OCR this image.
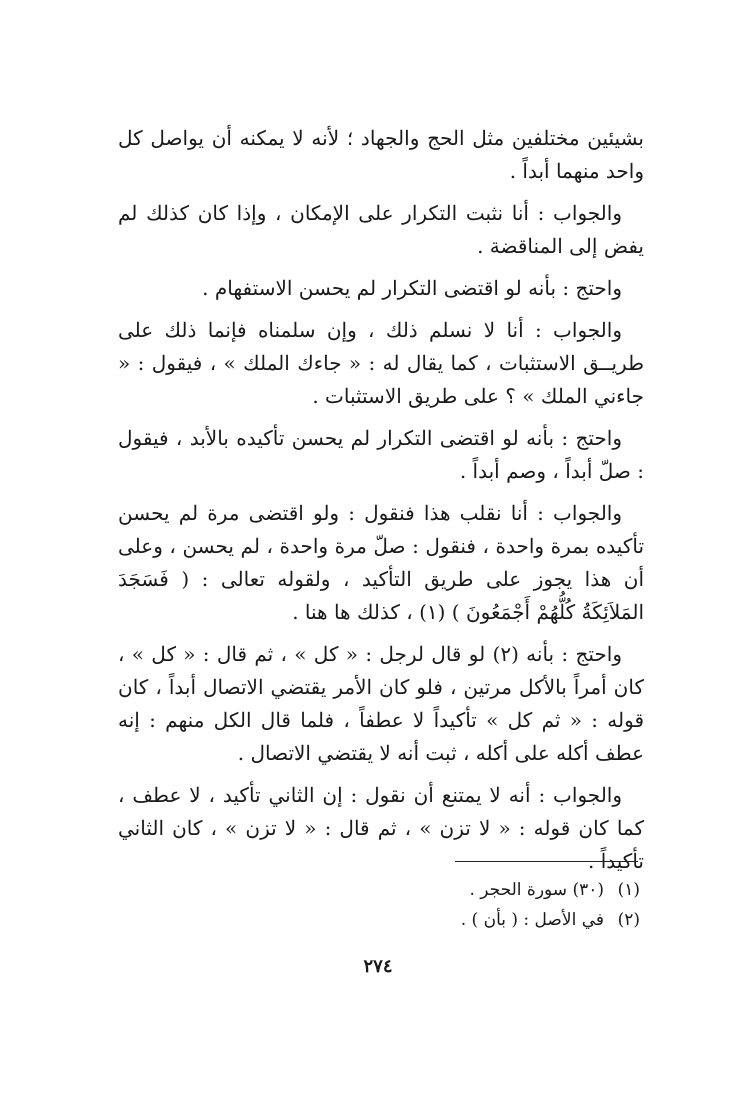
بشيئين مختلفين مثل الحج والجهاد ؛ لأنه لا يمكنه أن يواصل كل واحد منهما أبداً .

والجواب : أنا نثبت التكرار على الإمكان ، وإذا كان كذلك لم يفض إلى المناقضة .

واحتج : بأنه لو اقتضى التكرار لم يحسن الاستفهام .

والجواب : أنا لا نسلم ذلك ، وإن سلمناه فإنما ذلك على طريــق الاستثبات ، كما يقال له : « جاءك الملك » ، فيقول : « جاءني الملك » ؟ على طريق الاستثبات .

واحتج : بأنه لو اقتضى التكرار لم يحسن تأكيده بالأبد ، فيقول : صلّ أبداً ، وصم أبداً .

والجواب : أنا نقلب هذا فنقول : ولو اقتضى مرة لم يحسن تأكيده بمرة واحدة ، فنقول : صلّ مرة واحدة ، لم يحسن ، وعلى أن هذا يجوز على طريق التأكيد ، ولقوله تعالى : ( فَسَجَدَ المَلاَئِكَةُ كُلُّهُمْ أَجْمَعُونَ ) (١) ، كذلك ها هنا .

واحتج : بأنه (٢) لو قال لرجل : « كل » ، ثم قال : « كل » ، كان أمراً بالأكل مرتين ، فلو كان الأمر يقتضي الاتصال أبداً ، كان قوله : « ثم كل » تأكيداً لا عطفاً ، فلما قال الكل منهم : إنه عطف أكله على أكله ، ثبت أنه لا يقتضي الاتصال .

والجواب : أنه لا يمتنع أن نقول : إن الثاني تأكيد ، لا عطف ، كما كان قوله : « لا تزن » ، ثم قال : « لا تزن » ، كان الثاني تأكيداً .

(١)
(٣٠) سورة الحجر .
(٢)
في الأصل : ( بأن ) .
٢٧٤
